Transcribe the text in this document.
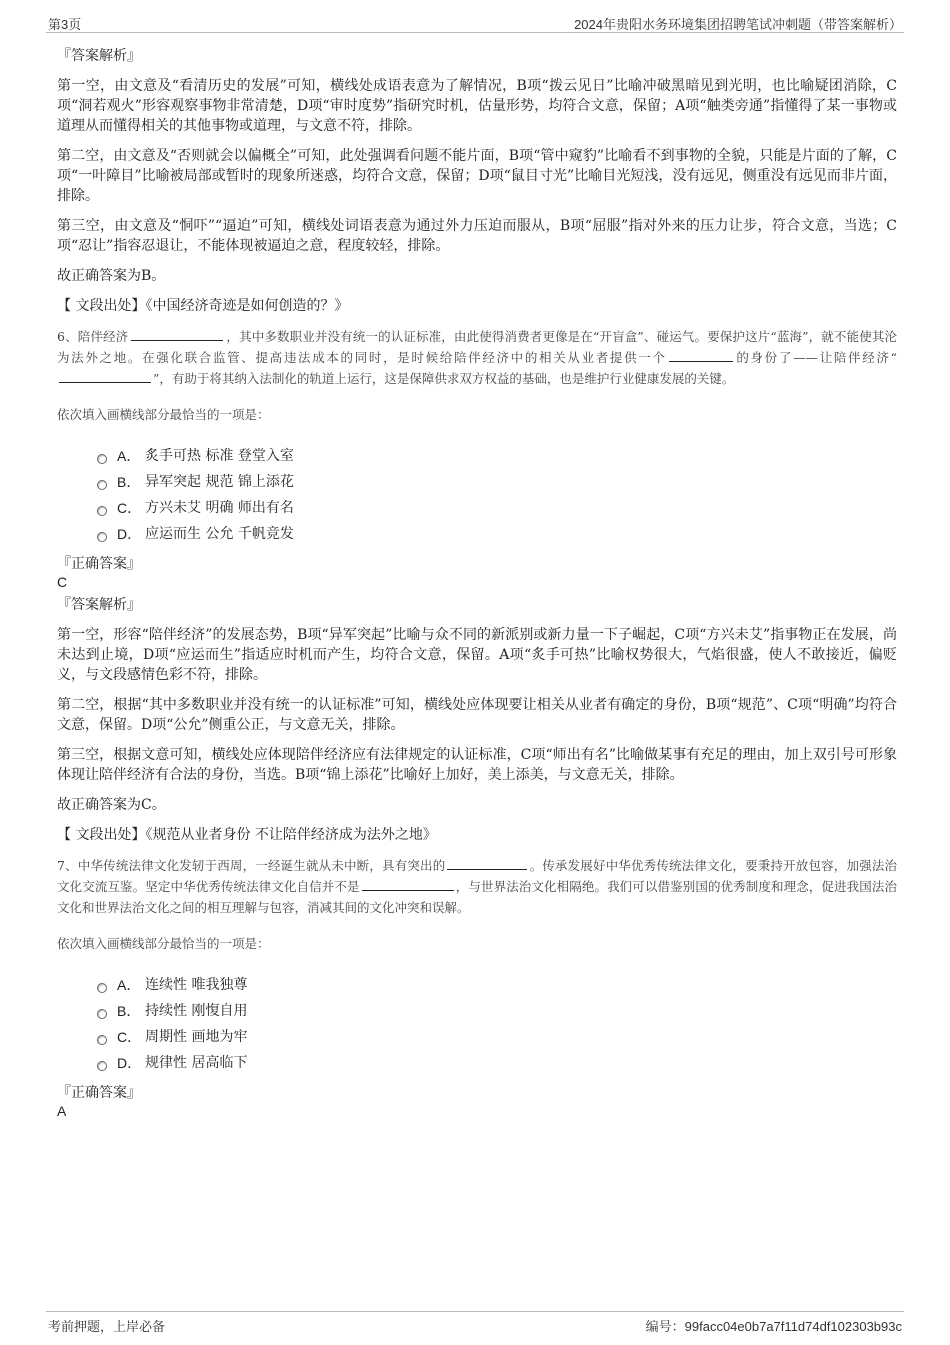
第3页	2024年贵阳水务环境集团招聘笔试冲刺题（带答案解析）

『答案解析』

第一空，由文意及“看清历史的发展”可知，横线处成语表意为了解情况，B项“拨云见日”比喻冲破黑暗见到光明，也比喻疑团消除，C项“洞若观火”形容观察事物非常清楚，D项“审时度势”指研究时机，估量形势，均符合文意，保留；A项“触类旁通”指懂得了某一事物或道理从而懂得相关的其他事物或道理，与文意不符，排除。

第二空，由文意及“否则就会以偏概全”可知，此处强调看问题不能片面，B项“管中窥豹”比喻看不到事物的全貌，只能是片面的了解，C项“一叶障目”比喻被局部或暂时的现象所迷惑，均符合文意，保留；D项“鼠目寸光”比喻目光短浅，没有远见，侧重没有远见而非片面，排除。

第三空，由文意及“恫吓”“逼迫”可知，横线处词语表意为通过外力压迫而服从，B项“屈服”指对外来的压力让步，符合文意，当选；C项“忍让”指容忍退让，不能体现被逼迫之意，程度较轻，排除。

故正确答案为B。

【 文段出处】《中国经济奇迹是如何创造的？》

6、陪伴经济	，其中多数职业并没有统一的认证标准，由此使得消费者更像是在“开盲盒”、碰运气。要保护这片“蓝海”，就不能使其沦为法外之地。在强化联合监管、提高违法成本的同时，是时候给陪伴经济中的相关从业者提供一个	的身份了——让陪伴经济“”，有助于将其纳入法制化的轨道上运行，这是保障供求双方权益的基础，也是维护行业健康发展的关键。

依次填入画横线部分最恰当的一项是：

A． 炙手可热 标准 登堂入室
B． 异军突起 规范 锦上添花
C． 方兴未艾 明确 师出有名
D． 应运而生 公允 千帆竞发

『正确答案』

C

『答案解析』

第一空，形容“陪伴经济”的发展态势，B项“异军突起”比喻与众不同的新派别或新力量一下子崛起，C项“方兴未艾”指事物正在发展，尚未达到止境，D项“应运而生”指适应时机而产生，均符合文意，保留。A项“炙手可热”比喻权势很大，气焰很盛，使人不敢接近，偏贬义，与文段感情色彩不符，排除。

第二空，根据“其中多数职业并没有统一的认证标准”可知，横线处应体现要让相关从业者有确定的身份，B项“规范”、C项“明确”均符合文意，保留。D项“公允”侧重公正，与文意无关，排除。

第三空，根据文意可知，横线处应体现陪伴经济应有法律规定的认证标准，C项“师出有名”比喻做某事有充足的理由，加上双引号可形象体现让陪伴经济有合法的身份，当选。B项“锦上添花”比喻好上加好，美上添美，与文意无关，排除。

故正确答案为C。

【 文段出处】《规范从业者身份 不让陪伴经济成为法外之地》

7、中华传统法律文化发轫于西周，一经诞生就从未中断，具有突出的	。传承发展好中华优秀传统法律文化，要秉持开放包容，加强法治文化交流互鉴。坚定中华优秀传统法律文化自信并不是	，与世界法治文化相隔绝。我们可以借鉴别国的优秀制度和理念，促进我国法治文化和世界法治文化之间的相互理解与包容，消减其间的文化冲突和误解。

依次填入画横线部分最恰当的一项是：

A． 连续性 唯我独尊
B． 持续性 刚愎自用
C． 周期性 画地为牢
D． 规律性 居高临下

『正确答案』

A

考前押题，上岸必备	编号：99facc04e0b7a7f11d74df102303b93c
